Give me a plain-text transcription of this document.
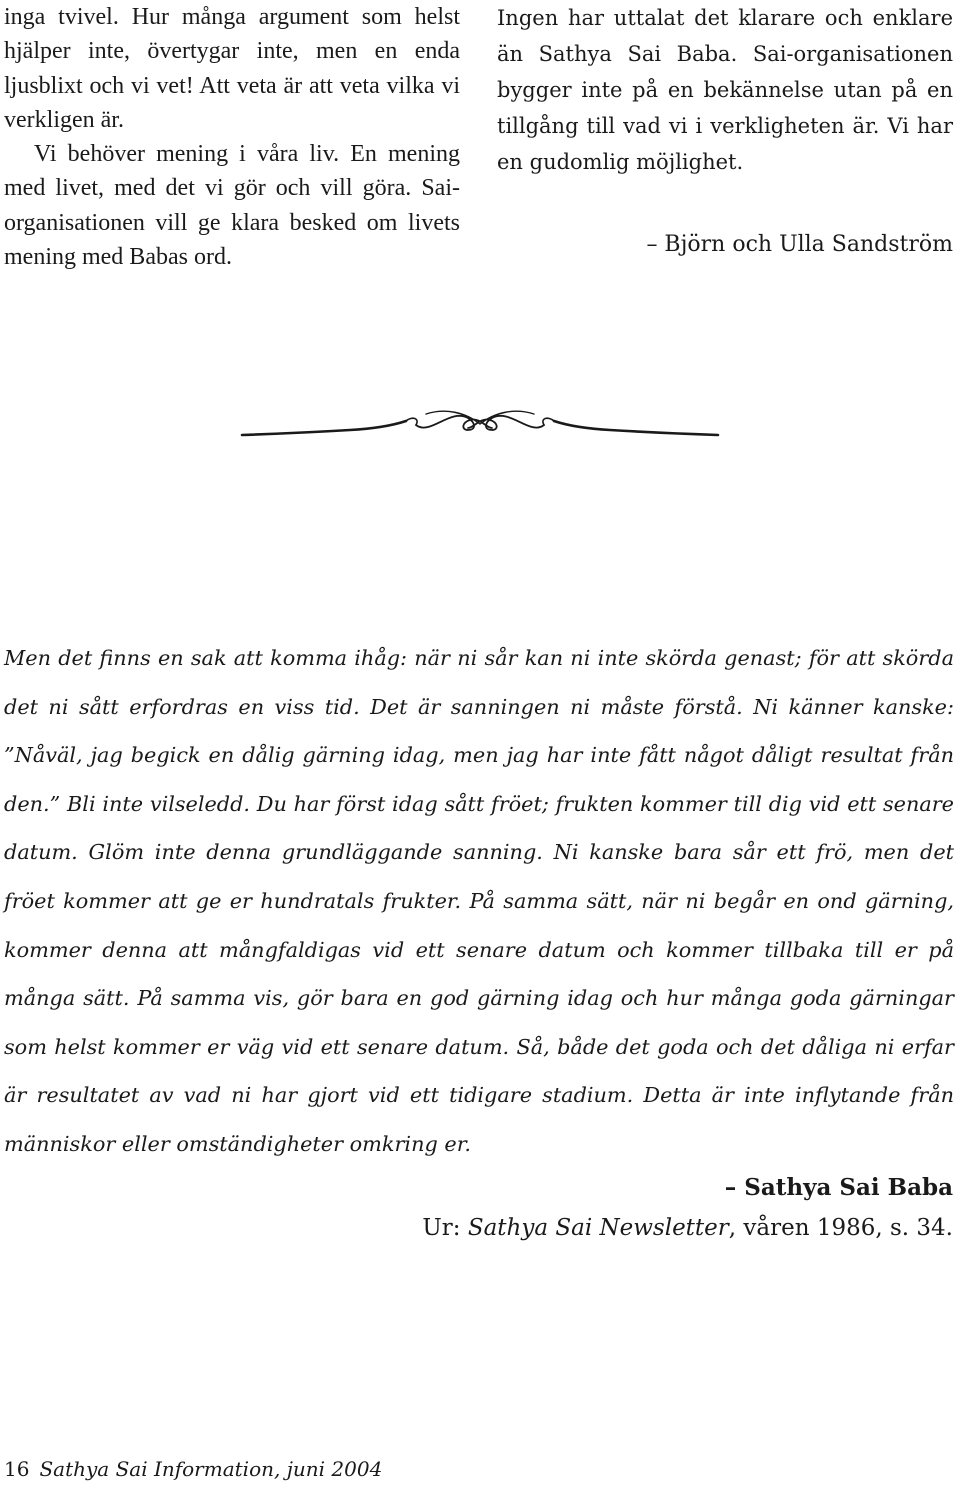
inga tvivel. Hur många argument som helst hjälper inte, övertygar inte, men en enda ljusblixt och vi vet! Att veta är att veta vilka vi verkligen är.

Vi behöver mening i våra liv. En mening med livet, med det vi gör och vill göra. Sai-organisationen vill ge klara besked om livets mening med Babas ord.

Ingen har uttalat det klarare och enklare än Sathya Sai Baba. Sai-organisationen bygger inte på en bekännelse utan på en tillgång till vad vi i verkligheten är. Vi har en gudomlig möjlighet.

– Björn och Ulla Sandström

Men det finns en sak att komma ihåg: när ni sår kan ni inte skörda genast; för att skörda det ni sått erfordras en viss tid. Det är sanningen ni måste förstå. Ni känner kanske: ”Nåväl, jag begick en dålig gärning idag, men jag har inte fått något dåligt resultat från den.” Bli inte vilseledd. Du har först idag sått fröet; frukten kommer till dig vid ett senare datum. Glöm inte denna grundläggande sanning. Ni kanske bara sår ett frö, men det fröet kommer att ge er hundratals frukter. På samma sätt, när ni begår en ond gärning, kommer denna att mångfaldigas vid ett senare datum och kommer tillbaka till er på många sätt. På samma vis, gör bara en god gärning idag och hur många goda gärningar som helst kommer er väg vid ett senare datum. Så, både det goda och det dåliga ni erfar är resultatet av vad ni har gjort vid ett tidigare stadium. Detta är inte inflytande från människor eller omständigheter omkring er.

– Sathya Sai Baba
Ur: Sathya Sai Newsletter, våren 1986, s. 34.
16 Sathya Sai Information, juni 2004
